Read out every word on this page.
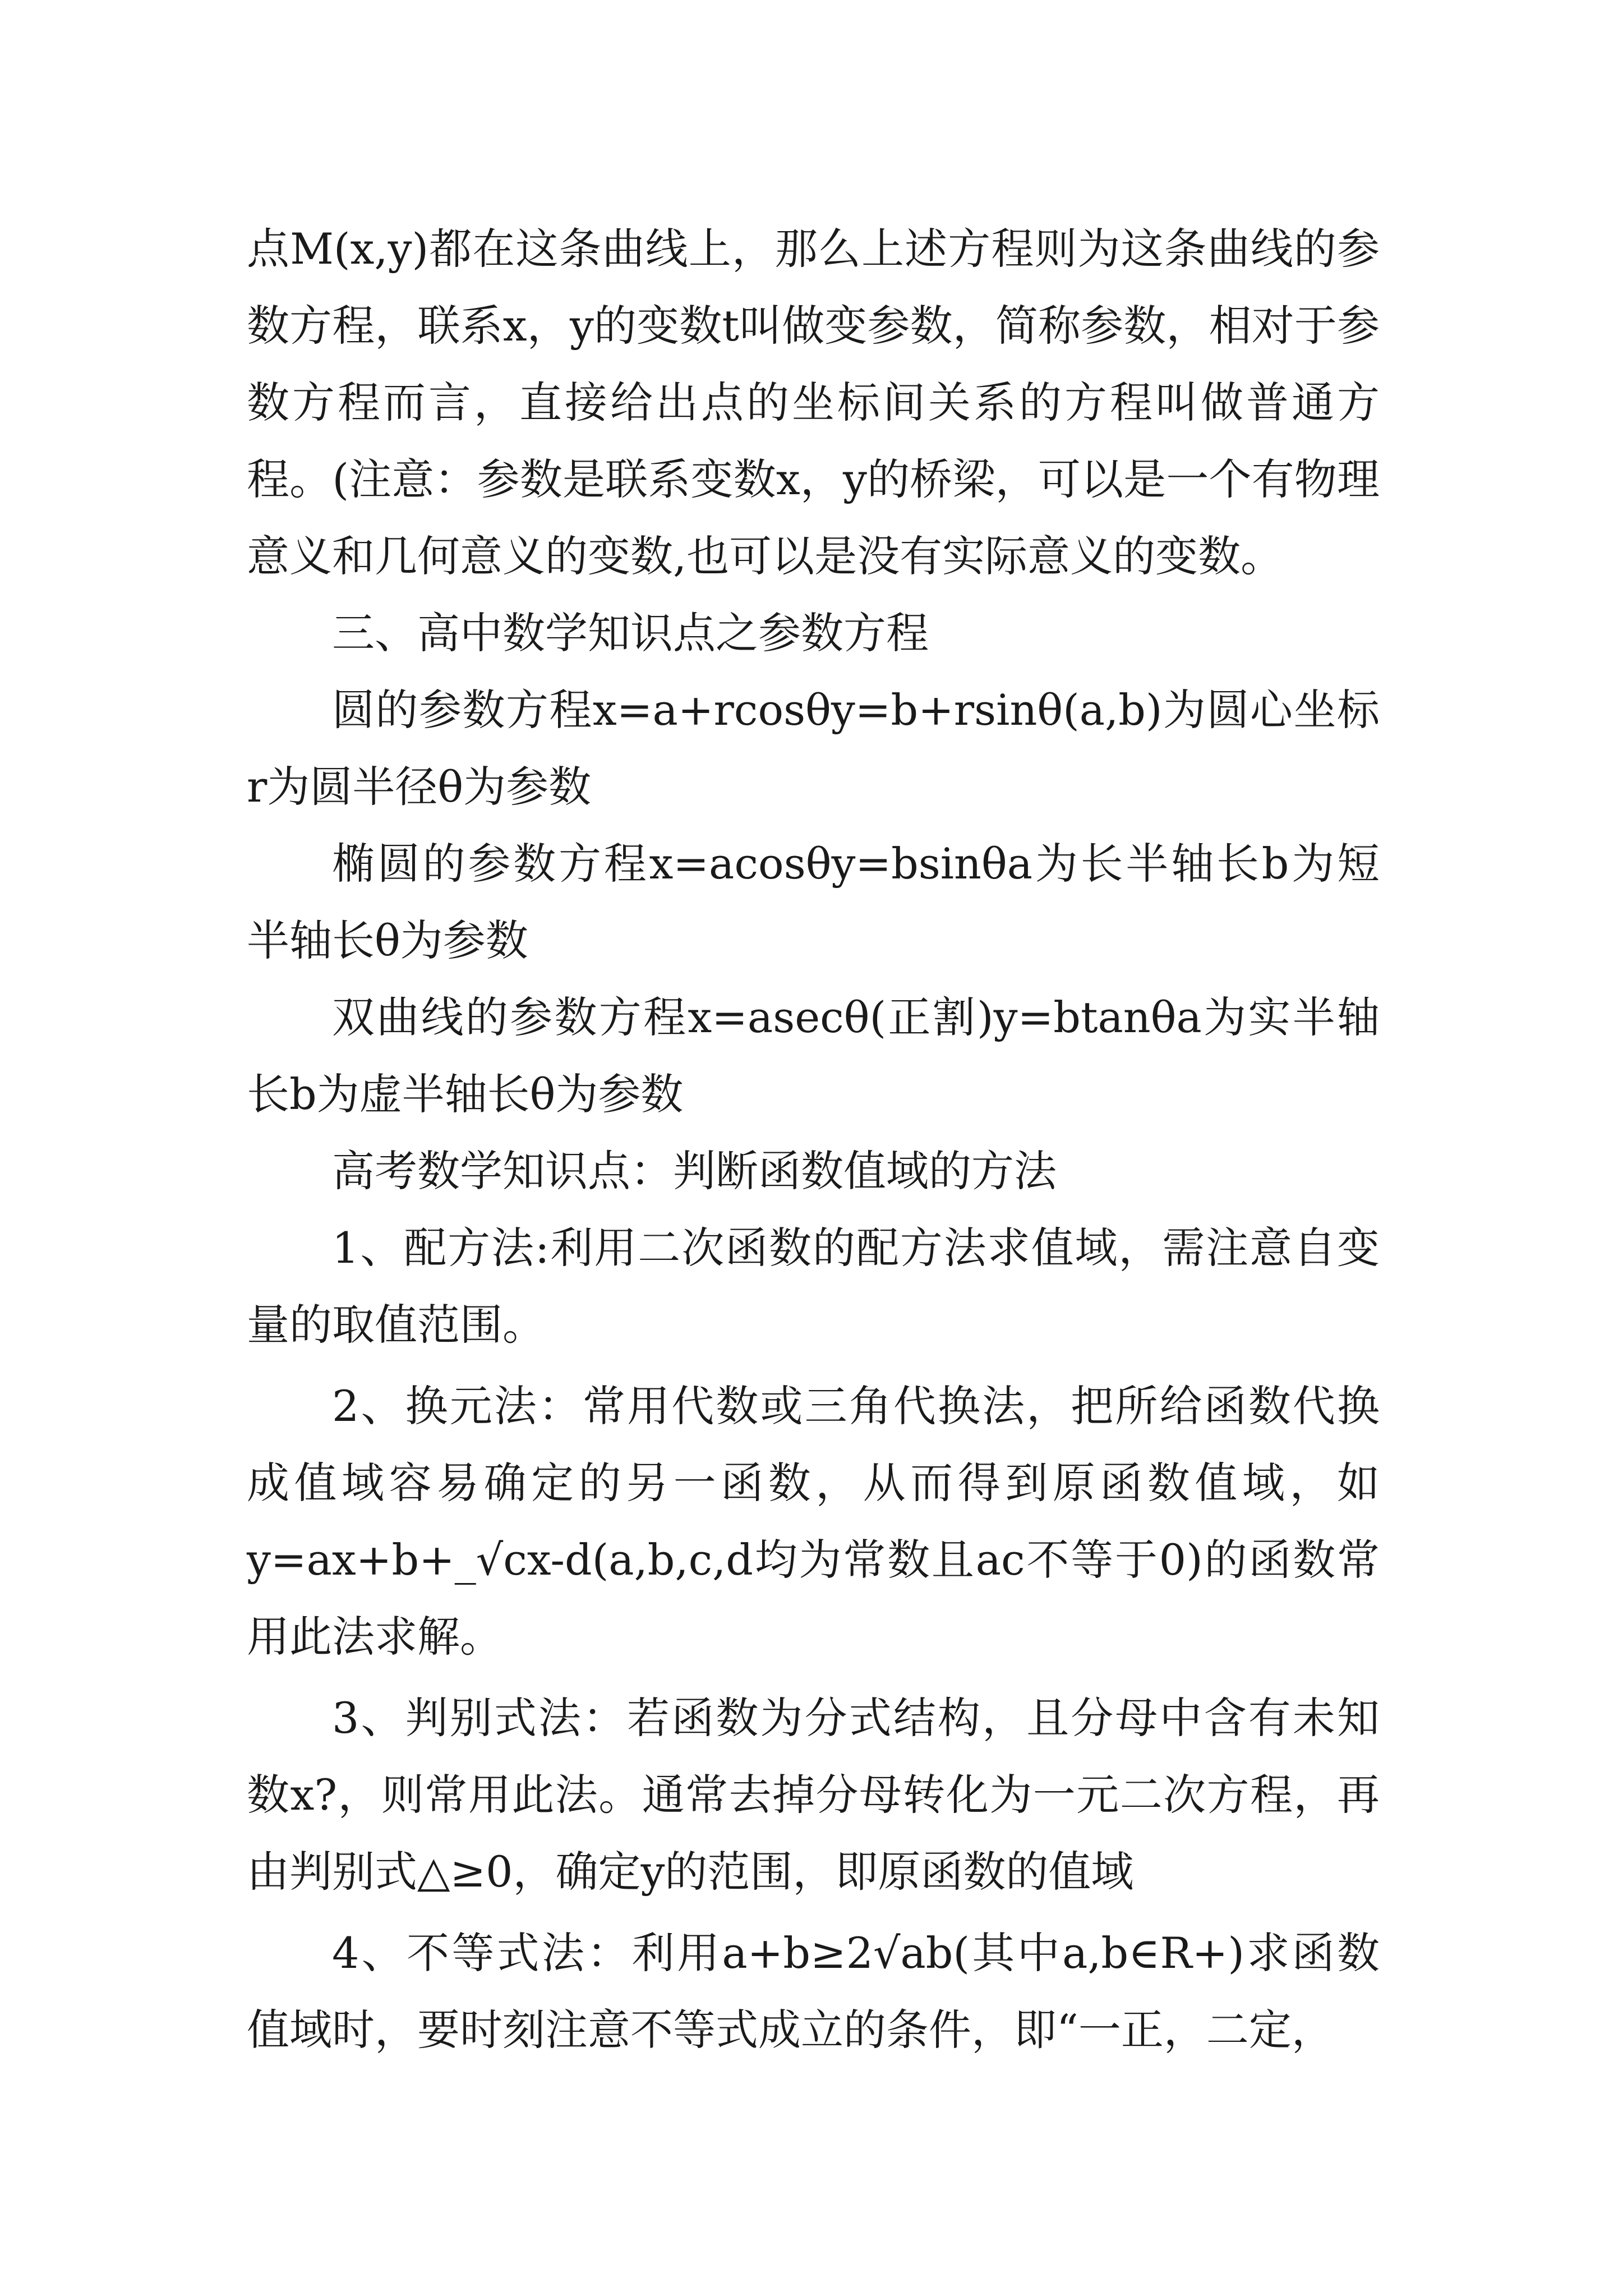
点M(x,y)都在这条曲线上，那么上述方程则为这条曲线的参数方程，联系x，y的变数t叫做变参数，简称参数，相对于参数方程而言，直接给出点的坐标间关系的方程叫做普通方程。(注意：参数是联系变数x，y的桥梁，可以是一个有物理意义和几何意义的变数,也可以是没有实际意义的变数。

三、高中数学知识点之参数方程

圆的参数方程x=a+rcosθy=b+rsinθ(a,b)为圆心坐标r为圆半径θ为参数

椭圆的参数方程x=acosθy=bsinθa为长半轴长b为短半轴长θ为参数

双曲线的参数方程x=asecθ(正割)y=btanθa为实半轴长b为虚半轴长θ为参数

高考数学知识点：判断函数值域的方法

1、配方法:利用二次函数的配方法求值域，需注意自变量的取值范围。

2、换元法：常用代数或三角代换法，把所给函数代换成值域容易确定的另一函数，从而得到原函数值域，如y=ax+b+_√cx-d(a,b,c,d均为常数且ac不等于0)的函数常用此法求解。

3、判别式法：若函数为分式结构，且分母中含有未知数x?，则常用此法。通常去掉分母转化为一元二次方程，再由判别式△≥0，确定y的范围，即原函数的值域

4、不等式法：利用a+b≥2√ab(其中a,b∈R+)求函数值域时，要时刻注意不等式成立的条件，即“一正，二定，
